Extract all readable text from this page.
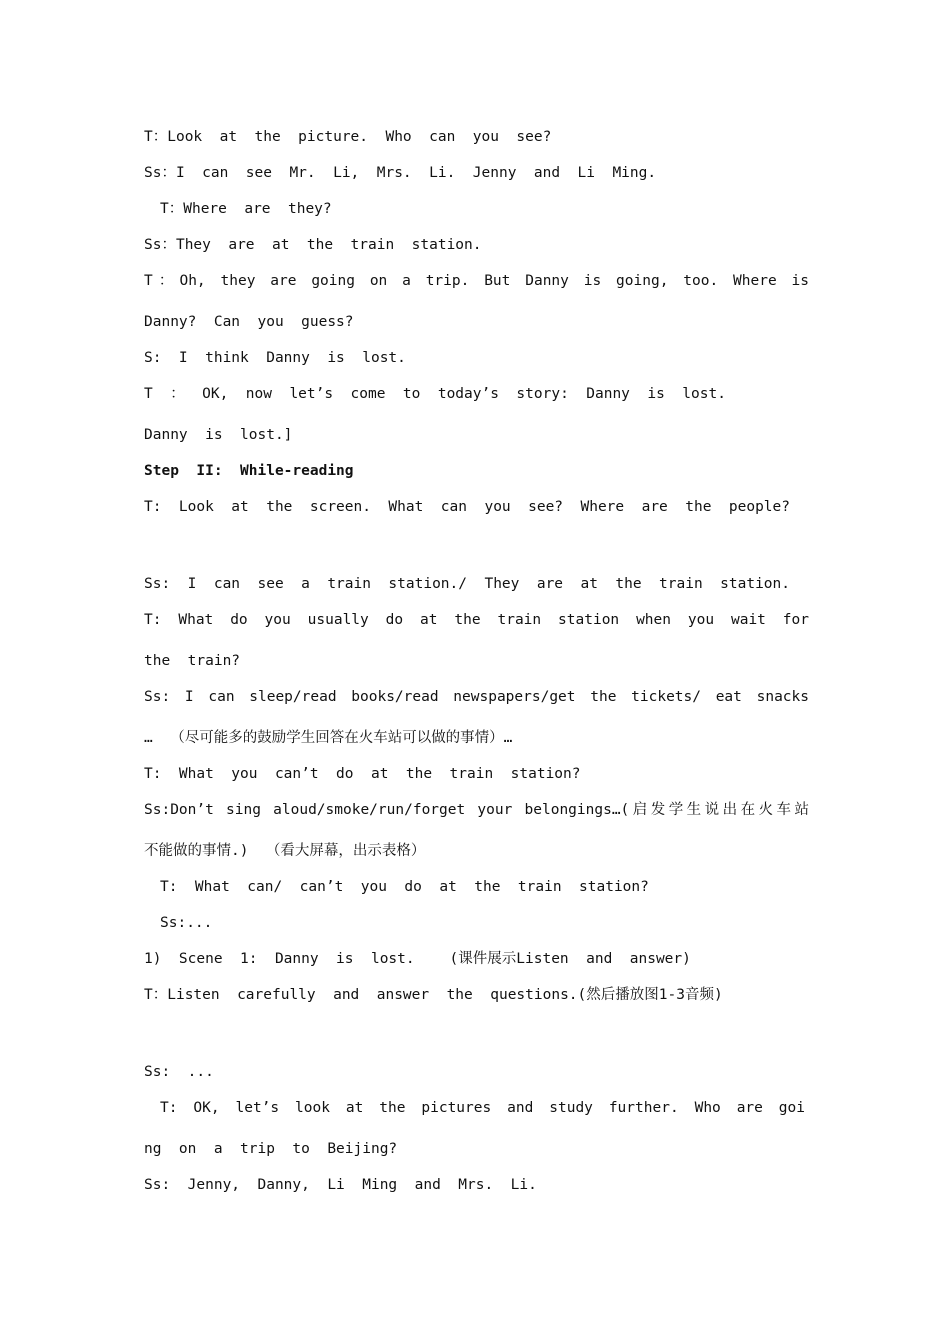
T：Look  at  the  picture.  Who  can  you  see?
Ss：I  can  see  Mr.  Li,  Mrs.  Li.  Jenny  and  Li  Ming.
T：Where  are  they?
Ss：They  are  at  the  train  station.
T：Oh, they are going on a trip. But Danny is going, too. Where is
Danny?  Can  you  guess?
S:  I  think  Danny  is  lost.
T  ：  OK,  now  let’s  come  to  today’s  story:  Danny  is  lost.
Danny  is  lost.]
Step  II:  While-reading
T:  Look  at  the  screen.  What  can  you  see?  Where  are  the  people?
Ss:  I  can  see  a  train  station./  They  are  at  the  train  station.
T: What do you usually do at the train station when you wait for
the  train?
Ss: I can sleep/read books/read newspapers/get the tickets/ eat snacks
…  （尽可能多的鼓励学生回答在火车站可以做的事情）…
T:  What  you  can’t  do  at  the  train  station?
Ss:Don’t sing aloud/smoke/run/forget your belongings…(启发学生说出在火车站
不能做的事情.)  （看大屏幕，出示表格）
T:  What  can/  can’t  you  do  at  the  train  station?
Ss:...
1)  Scene  1:  Danny  is  lost.    (课件展示Listen  and  answer)
T：Listen  carefully  and  answer  the  questions.(然后播放图1-3音频)
Ss:  ...
T: OK, let’s look at the pictures and study further. Who are goi
ng  on  a  trip  to  Beijing?
Ss:  Jenny,  Danny,  Li  Ming  and  Mrs.  Li.
